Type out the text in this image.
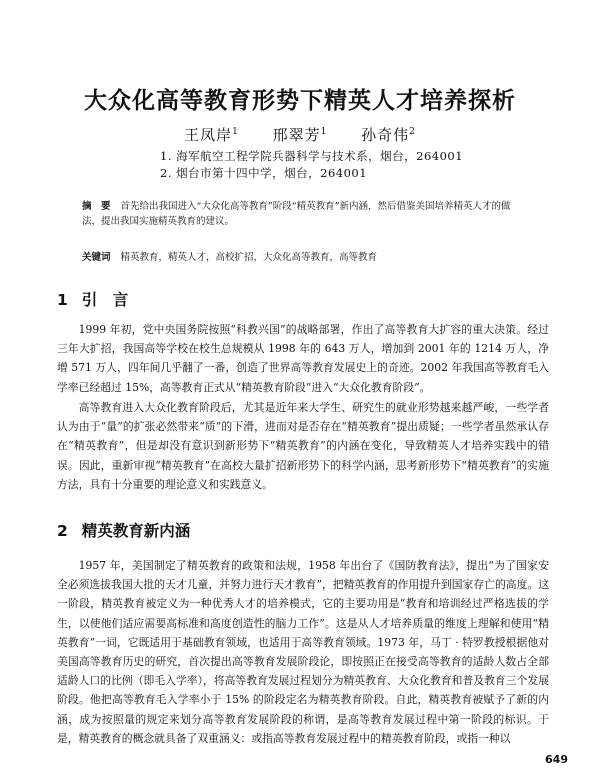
大众化高等教育形势下精英人才培养探析
王凤岸$^1$ 邢翠芳$^1$ 孙奇伟$^2$
1. 海军航空工程学院兵器科学与技术系，烟台，264001
2. 烟台市第十四中学，烟台，264001
摘　要 首先给出我国进入“大众化高等教育”阶段“精英教育”新内涵，然后借鉴美国培养精英人才的做法，提出我国实施精英教育的建议。
关键词 精英教育，精英人才，高校扩招，大众化高等教育，高等教育
1 引　言

1999 年初，党中央国务院按照“科教兴国”的战略部署，作出了高等教育大扩容的重大决策。经过三年大扩招，我国高等学校在校生总规模从 1998 年的 643 万人，增加到 2001 年的 1214 万人，净增 571 万人，四年间几乎翻了一番，创造了世界高等教育发展史上的奇迹。2002 年我国高等教育毛入学率已经超过 15%，高等教育正式从“精英教育阶段”进入“大众化教育阶段”。

高等教育进入大众化教育阶段后，尤其是近年来大学生、研究生的就业形势越来越严峻，一些学者认为由于“量”的扩张必然带来“质”的下滑，进而对是否存在“精英教育”提出质疑；一些学者虽然承认存在“精英教育”，但是却没有意识到新形势下“精英教育”的内涵在变化，导致精英人才培养实践中的错误。因此，重新审视“精英教育”在高校大量扩招新形势下的科学内涵，思考新形势下“精英教育”的实施方法，具有十分重要的理论意义和实践意义。

2 精英教育新内涵

1957 年，美国制定了精英教育的政策和法规，1958 年出台了《国防教育法》，提出“为了国家安全必须选拔我国大批的天才儿童，并努力进行天才教育”，把精英教育的作用提升到国家存亡的高度。这一阶段，精英教育被定义为一种优秀人才的培养模式，它的主要功用是“教育和培训经过严格选拔的学生，以使他们适应需要高标准和高度创造性的脑力工作”。这是从人才培养质量的维度上理解和使用“精英教育”一词，它既适用于基础教育领域，也适用于高等教育领域。1973 年，马丁 · 特罗教授根据他对美国高等教育历史的研究，首次提出高等教育发展阶段论，即按照正在接受高等教育的适龄人数占全部适龄人口的比例（即毛入学率），将高等教育发展过程划分为精英教育、大众化教育和普及教育三个发展阶段。他把高等教育毛入学率小于 15% 的阶段定名为精英教育阶段。自此，精英教育被赋予了新的内涵，成为按照量的规定来划分高等教育发展阶段的称谓，是高等教育发展过程中第一阶段的标识。于是，精英教育的概念就具备了双重涵义：或指高等教育发展过程中的精英教育阶段，或指一种以

649
